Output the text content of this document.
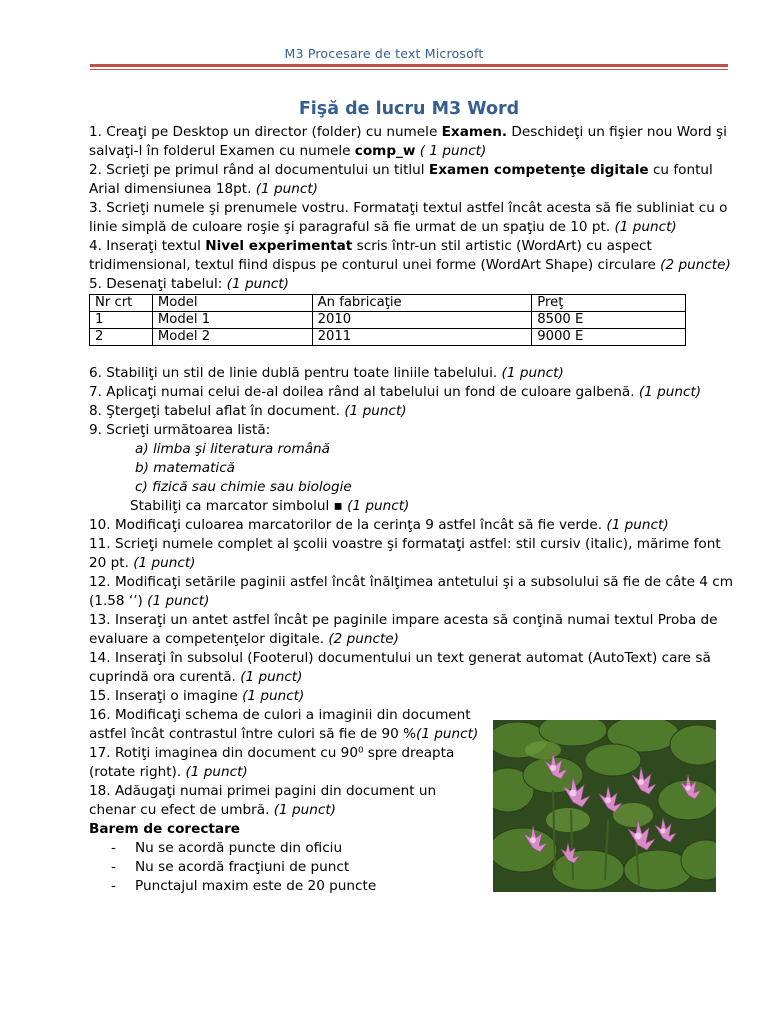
M3 Procesare de text Microsoft
Fişă de lucru M3 Word

1. Creaţi pe Desktop un director (folder) cu numele Examen. Deschideţi un fişier nou Word şi salvaţi-l în folderul Examen cu numele comp_w ( 1 punct)

2. Scrieţi pe primul rând al documentului un titlul Examen competenţe digitale cu fontul Arial dimensiunea 18pt. (1 punct)

3. Scrieţi numele şi prenumele vostru. Formataţi textul astfel încât acesta să fie subliniat cu o linie simplă de culoare roşie şi paragraful să fie urmat de un spaţiu de 10 pt. (1 punct)

4. Inseraţi textul Nivel experimentat scris într-un stil artistic (WordArt) cu aspect tridimensional, textul fiind dispus pe conturul unei forme (WordArt Shape) circulare (2 puncte)

5. Desenaţi tabelul: (1 punct)

Nr crt	Model	An fabricaţie	Preţ
1	Model 1	2010	8500 E
2	Model 2	2011	9000 E

6. Stabiliţi un stil de linie dublă pentru toate liniile tabelului. (1 punct)

7. Aplicaţi numai celui de-al doilea rând al tabelului un fond de culoare galbenă. (1 punct)

8. Ştergeţi tabelul aflat în document. (1 punct)

9. Scrieţi următoarea listă:

a) limba şi literatura română

b) matematică

c) fizică sau chimie sau biologie

Stabiliţi ca marcator simbolul ▪ (1 punct)

10. Modificaţi culoarea marcatorilor de la cerinţa 9 astfel încât să fie verde. (1 punct)

11. Scrieţi numele complet al şcolii voastre şi formataţi astfel: stil cursiv (italic), mărime font 20 pt. (1 punct)

12. Modificaţi setările paginii astfel încât înălţimea antetului şi a subsolului să fie de câte 4 cm (1.58 ‘’) (1 punct)

13. Inseraţi un antet astfel încât pe paginile impare acesta să conţină numai textul Proba de evaluare a competenţelor digitale. (2 puncte)

14. Inseraţi în subsolul (Footerul) documentului un text generat automat (AutoText) care să cuprindă ora curentă. (1 punct)

15. Inseraţi o imagine (1 punct)

16. Modificaţi schema de culori a imaginii din document astfel încât contrastul între culori să fie de 90 %(1 punct)

17. Rotiţi imaginea din document cu 90⁰ spre dreapta (rotate right). (1 punct)

18. Adăugaţi numai primei pagini din document un chenar cu efect de umbră. (1 punct)

Barem de corectare

- Nu se acordă puncte din oficiu

- Nu se acordă fracţiuni de punct

- Punctajul maxim este de 20 puncte
